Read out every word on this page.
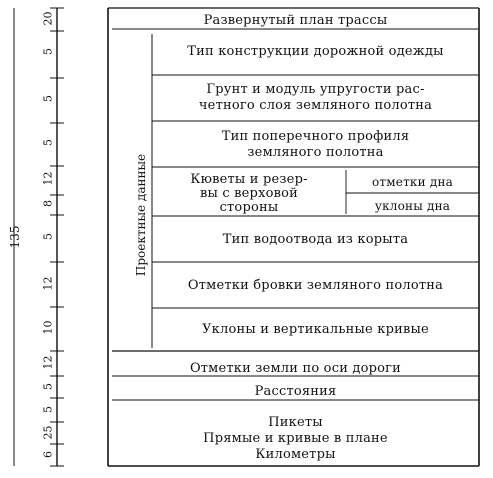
135
20
5
5
5
12
8
5
12
10
12
5
5
25
6
Проектные данные
Развернутый план трассы
Тип конструкции дорожной одежды
Грунт и модуль упругости рас-
четного слоя земляного полотна
Тип поперечного профиля
земляного полотна
Кюветы и резер-
вы с верховой
стороны
отметки дна
уклоны дна
Тип водоотвода из корыта
Отметки бровки земляного полотна
Уклоны и вертикальные кривые
Отметки земли по оси дороги
Расстояния
Пикеты
Прямые и кривые в плане
Километры
